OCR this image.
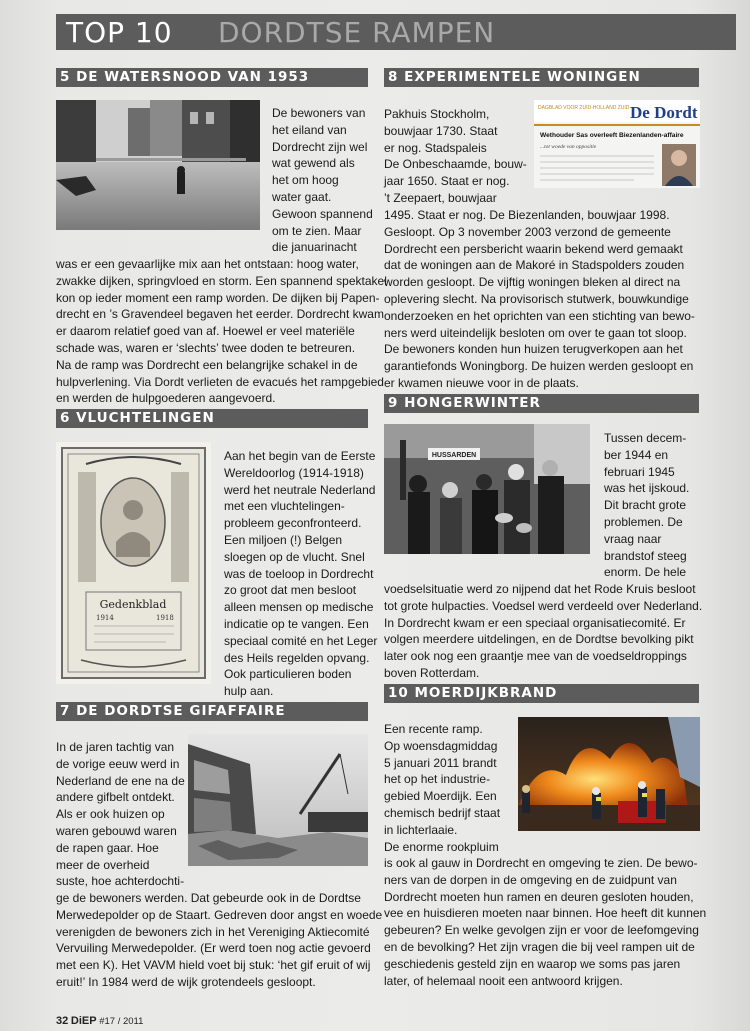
TOP 10 DORDTSE RAMPEN
5 DE WATERSNOOD VAN 1953
De bewoners van
het eiland van
Dordrecht zijn wel
wat gewend als
het om hoog
water gaat.
Gewoon spannend
om te zien. Maar
die januarinacht
was er een gevaarlijke mix aan het ontstaan: hoog water,
zwakke dijken, springvloed en storm. Een spannend spektakel
kon op ieder moment een ramp worden. De dijken bij Papen-
drecht en ’s Gravendeel begaven het eerder. Dordrecht kwam
er daarom relatief goed van af. Hoewel er veel materiële
schade was, waren er ‘slechts’ twee doden te betreuren.
Na de ramp was Dordrecht een belangrijke schakel in de
hulpverlening. Via Dordt verlieten de evacués het rampgebied
en werden de hulpgoederen aangevoerd.
6 VLUCHTELINGEN
Gedenkblad
1914	1918
Aan het begin van de Eerste
Wereldoorlog (1914-1918)
werd het neutrale Nederland
met een vluchtelingen-
probleem geconfronteerd.
Een miljoen (!) Belgen
sloegen op de vlucht. Snel
was de toeloop in Dordrecht
zo groot dat men besloot
alleen mensen op medische
indicatie op te vangen. Een
speciaal comité en het Leger
des Heils regelden opvang.
Ook particulieren boden
hulp aan.
7 DE DORDTSE GIFAFFAIRE
In de jaren tachtig van
de vorige eeuw werd in
Nederland de ene na de
andere gifbelt ontdekt.
Als er ook huizen op
waren gebouwd waren
de rapen gaar. Hoe
meer de overheid
suste, hoe achterdochti-
ge de bewoners werden. Dat gebeurde ook in de Dordtse
Merwedepolder op de Staart. Gedreven door angst en woede
verenigden de bewoners zich in het Vereniging Aktiecomité
Vervuiling Merwedepolder. (Er werd toen nog actie gevoerd
met een K). Het VAVM hield voet bij stuk: ‘het gif eruit of wij
eruit!’ In 1984 werd de wijk grotendeels gesloopt.
8 EXPERIMENTELE WONINGEN
DAGBLAD VOOR ZUID-HOLLAND ZUID De Dordt
Wethouder Sas overleeft Biezenlanden-affaire
...tot woede van oppositie
Pakhuis Stockholm,
bouwjaar 1730. Staat
er nog. Stadspaleis
De Onbeschaamde, bouw-
jaar 1650. Staat er nog.
’t Zeepaert, bouwjaar
1495. Staat er nog. De Biezenlanden, bouwjaar 1998.
Gesloopt. Op 3 november 2003 verzond de gemeente
Dordrecht een persbericht waarin bekend werd gemaakt
dat de woningen aan de Makoré in Stadspolders zouden
worden gesloopt. De vijftig woningen bleken al direct na
oplevering slecht. Na provisorisch stutwerk, bouwkundige
onderzoeken en het oprichten van een stichting van bewo-
ners werd uiteindelijk besloten om over te gaan tot sloop.
De bewoners konden hun huizen terugverkopen aan het
garantiefonds Woningborg. De huizen werden gesloopt en
er kwamen nieuwe voor in de plaats.
9 HONGERWINTER
HUSSARDEN
Tussen decem-
ber 1944 en
februari 1945
was het ijskoud.
Dit bracht grote
problemen. De
vraag naar
brandstof steeg
enorm. De hele
voedselsituatie werd zo nijpend dat het Rode Kruis besloot
tot grote hulpacties. Voedsel werd verdeeld over Nederland.
In Dordrecht kwam er een speciaal organisatiecomité. Er
volgen meerdere uitdelingen, en de Dordtse bevolking pikt
later ook nog een graantje mee van de voedseldroppings
boven Rotterdam.
10 MOERDIJKBRAND
Een recente ramp.
Op woensdagmiddag
5 januari 2011 brandt
het op het industrie-
gebied Moerdijk. Een
chemisch bedrijf staat
in lichterlaaie.
De enorme rookpluim
is ook al gauw in Dordrecht en omgeving te zien. De bewo-
ners van de dorpen in de omgeving en de zuidpunt van
Dordrecht moeten hun ramen en deuren gesloten houden,
vee en huisdieren moeten naar binnen. Hoe heeft dit kunnen
gebeuren? En welke gevolgen zijn er voor de leefomgeving
en de bevolking? Het zijn vragen die bij veel rampen uit de
geschiedenis gesteld zijn en waarop we soms pas jaren
later, of helemaal nooit een antwoord krijgen.
32 DiEP #17 / 2011
